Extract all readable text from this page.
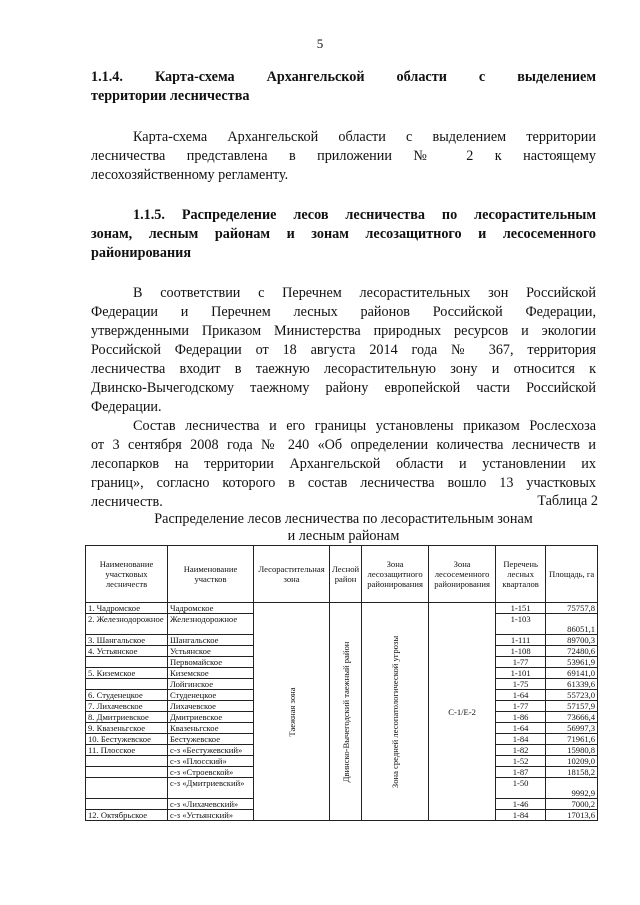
5
1.1.4. Карта-схема Архангельской области с выделением
территории лесничества
Карта-схема Архангельской области с выделением территории
лесничества представлена в приложении № 2 к настоящему
лесохозяйственному регламенту.
1.1.5. Распределение лесов лесничества по лесорастительным
зонам, лесным районам и зонам лесозащитного и лесосеменного
районирования
В соответствии с Перечнем лесорастительных зон Российской
Федерации и Перечнем лесных районов Российской Федерации,
утвержденными Приказом Министерства природных ресурсов и экологии
Российской Федерации от 18 августа 2014 года № 367, территория
лесничества входит в таежную лесорастительную зону и относится к
Двинско-Вычегодскому таежному району европейской части Российской
Федерации.
Состав лесничества и его границы установлены приказом Рослесхоза
от 3 сентября 2008 года № 240 «Об определении количества лесничеств и
лесопарков на территории Архангельской области и установлении их
границ», согласно которого в состав лесничества вошло 13 участковых
лесничеств.	Таблица 2
Распределение лесов лесничества по лесорастительным зонам
и лесным районам
Наименование участковых лесничеств	Наименование участков	Лесорастительная зона	Лесной район	Зона лесозащитного районирования	Зона лесосеменного районирования	Перечень лесных кварталов	Площадь, га
1. Чадромское	Чадромское	Таежная зона	Двинско-Вычегодский таежный район	Зона средней лесопатологической угрозы	С-1/Е-2	1-151	75757,8
2. Железнодорожное	Железнодорожное					1-103	86051,1
3. Шангальское	Шангальское					1-111	89700,3
4. Устьянское	Устьянское					1-108	72480,6
	Первомайское					1-77	53961,9
5. Киземское	Киземское					1-101	69141,0
	Лойгинское					1-75	61339,6
6. Студенецкое	Студенецкое					1-64	55723,0
7. Лихачевское	Лихачевское					1-77	57157,9
8. Дмитриевское	Дмитриевское					1-86	73666,4
9. Квазеньгское	Квазеньгское					1-64	56997,3
10. Бестужевское	Бестужевское					1-84	71961,6
11. Плосское	с-з «Бестужевский»					1-82	15980,8
	с-з «Плосский»					1-52	10209,0
	с-з «Строевской»					1-87	18158,2
	с-з «Дмитриевский»					1-50	9992,9
	с-з «Лихачевский»					1-46	7000,2
12. Октябрьское	с-з «Устьянский»					1-84	17013,6
